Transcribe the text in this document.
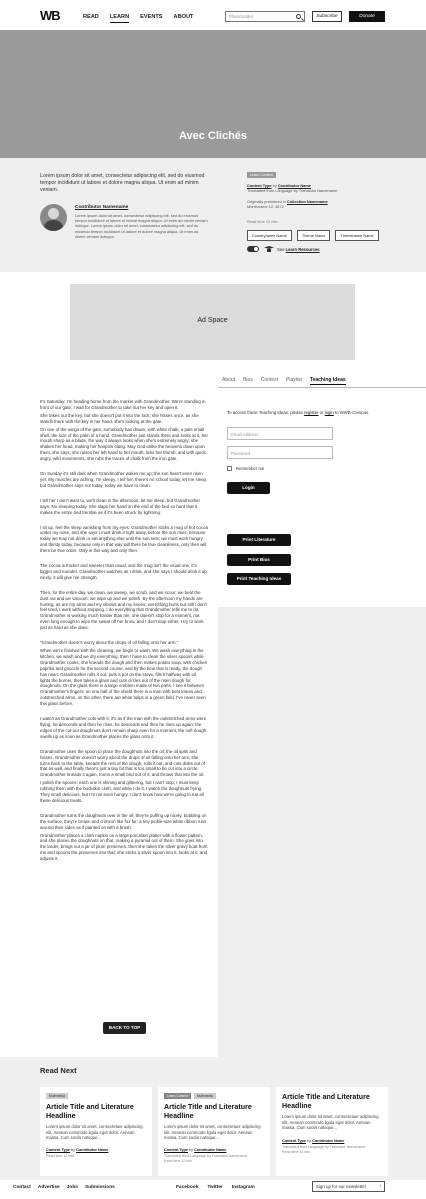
WB	READ LEARN EVENTS ABOUT	Placeholder	Subscribe	Donate
Avec Clichés
Lorem ipsum dolor sit amet, consectetur adipiscing elit, sed do eiusmod tempor incididunt ut labore et dolore magna aliqua. Ut enim ad minim veniam.
Contributor Namename
Lorem ipsum dolor sit amet, consectetur adipiscing elit, sed do eiusmod tempor incididunt ut labore et dolore magna aliqua. Ut enim ad minim veniam dolingor. Lorem ipsum dolor sit amet, consectetur adipiscing elit, sed do eiusmod tempor incididunt ut labore et dolore magna aliqua. Ut enim ad minim veniam dolingor.
Learn Content
Content Type by Contributor Name
Translated from Language by Translator Namename
Originally premiered in Collection Namename
Monthname 12, 1672
Read time 12 min.
Countryname Name	Theme Name	Themename Name
See Learn Resources
Ad Space
About Bios Context Playlist Teaching Ideas
To access these Teaching Ideas, please register or login to WWB-Campus.
Email Address
Password
Remember me
Login
Print Literature
Print Bios
Print Teaching Ideas

It's Saturday; I'm heading home from the market with Grandmother. We're standing in front of our gate. I wait for Grandmother to take out her key and open it.

She takes out the key, but she doesn't put it into the lock; she hisses once, as she stands there with the key in her hand, she's looking at the gate.

On one of the wings of the gate, somebody has drawn, with white chalk, a pale small shell, the size of the palm of a hand. Grandmother just stands there and looks at it, her mouth sharp as a blade, the way it always looks when she's extremely angry; she shakes her head, making her hairpins clang. May God strike the heavens down upon them, she says; she raises her left hand to her mouth, licks her thumb, and with quick, angry, wild movements, she rubs the traces of chalk from the iron gate.

On Sunday it's still dark when Grandmother wakes me up; the sun hasn't even risen yet. My muscles are aching, I'm sleepy, I tell her, there's no school today, let me sleep, but Grandmother says not today, today we have to clean.

I tell her I don't want to, we'll clean in the afternoon, let me sleep, but Grandmother says, No sleeping today. She slaps her hand on the end of the bed so hard that it makes the entire bed tremble as if it's been struck by lightning.

I sit up, feel the sleep vanishing from my eyes. Grandmother sticks a mug of hot cocoa under my nose, and she says I must drink it right away, before the sun rises, because today we may not drink or eat anything else until the sun sets; we must work hungry and thirsty today, because only in that way will there be true cleanliness, only then will there be true order. Only in this way and only then.

The cocoa is thicker and sweeter than usual, and the mug isn't the usual one, it's bigger and rounder. Grandmother watches as I drink, and she says I should drink it up nicely, it will give me strength.

Then, for the entire day, we clean, we sweep, we scrub, and we scour; we beat the dust out and we vacuum; we wipe up and we polish. By the afternoon my hands are hurting, as are my arms and my elbows and my knees; everything hurts but still I don't feel tired, I work without stopping. I do everything that Grandmother tells me to do. Grandmother is working much harder than me, she doesn't stop for a moment, not even long enough to wipe the sweat off her brow, and I don't stop either, I try to work just as hard as she does.

“Grandmother doesn't worry about the drops of oil falling onto her arm.”

When we're finished with the cleaning, we begin to wash. We wash everything in the kitchen, we wash and we dry everything, then I have to clean the silver spoons while Grandmother cooks; she kneads the dough and then makes potato soup, with chicken paprika and gnocchi for the second course, and by the time that is ready, the dough has risen. Grandmother rolls it out, puts a pot on the stove, fills it halfway with oil, lights the burner, then takes a glass and cuts circles out of the risen dough for doughnuts. On the glass there is a large emblem made of two parts, I see it between Grandmother's fingers; on one half of the shield there is a man with bent knees and outstretched arms, on the other, there are white tulips in a green field. I've never seen this glass before.

I watch as Grandmother cuts with it; it's as if the man with the outstretched arms were flying, he descends and then he rises, he descends and then he rises up again; the edges of the cut-out doughnuts don't remain sharp even for a moment, the soft dough swells up as soon as Grandmother places the glass onto it.

Grandmother uses the spoon to place the doughnuts into the oil; the oil spits and hisses. Grandmother doesn't worry about the drops of oil falling onto her arm; she turns back to the table, kneads the rest of the dough, rolls it out, and cuts disks out of that as well, and finally there's just a tiny bit that is too small to be cut into a circle. Grandmother kneads it again, forms a small bird out of it, and throws that into the oil.

I polish the spoons; each one is shining and glittering, but I can't stop, I must keep rubbing them with the buckskin cloth, and while I do it, I watch the doughnuts frying. They smell delicious, but I'm not even hungry. I don't know how we're going to eat all these delicious treats.

Grandmother turns the doughnuts over in the oil; they're puffing up nicely, bubbling on the surface, they're brown and crimson like fox fur; a tiny pinkie-size white ribbon runs around their sides as if painted on with a brush.

Grandmother places a cloth napkin on a large porcelain platter with a flower pattern, and she places the doughnuts on that, making a pyramid out of them. She goes into the larder, brings out a jar of plum preserves, then she takes the silver gravy boat from me and spoons the preserves into that; she sticks a silver spoon into it, looks at it, and adjusts it.

BACK TO TOP
Read Next
Multimedia
Article Title and Literature Headline
Lorem ipsum dolor sit amet, consectetuer adipiscing elit. Aenean commodo ligula eget dolor. Aenean massa. Cum sociis natoque...
Content Type by Contributor Name
Read time 12 min.
Learn Content	Multimedia
Article Title and Literature Headline
Lorem ipsum dolor sit amet, consectetuer adipiscing elit. Aenean commodo ligula eget dolor. Aenean massa. Cum sociis natoque...
Content Type by Contributor Name
Translated from Language by Translator Namename
Read time 12 min.
Article Title and Literature Headline
Lorem ipsum dolor sit amet, consectetuer adipiscing elit. Aenean commodo ligula eget dolor. Aenean massa. Cum sociis natoque...
Content Type by Contributor Name
Translated from Language by Translator Namename
Read time 12 min.
Contact Advertise Jobs Submissions	Facebook Twitter Instagram	Sign up for our newsletter	›
